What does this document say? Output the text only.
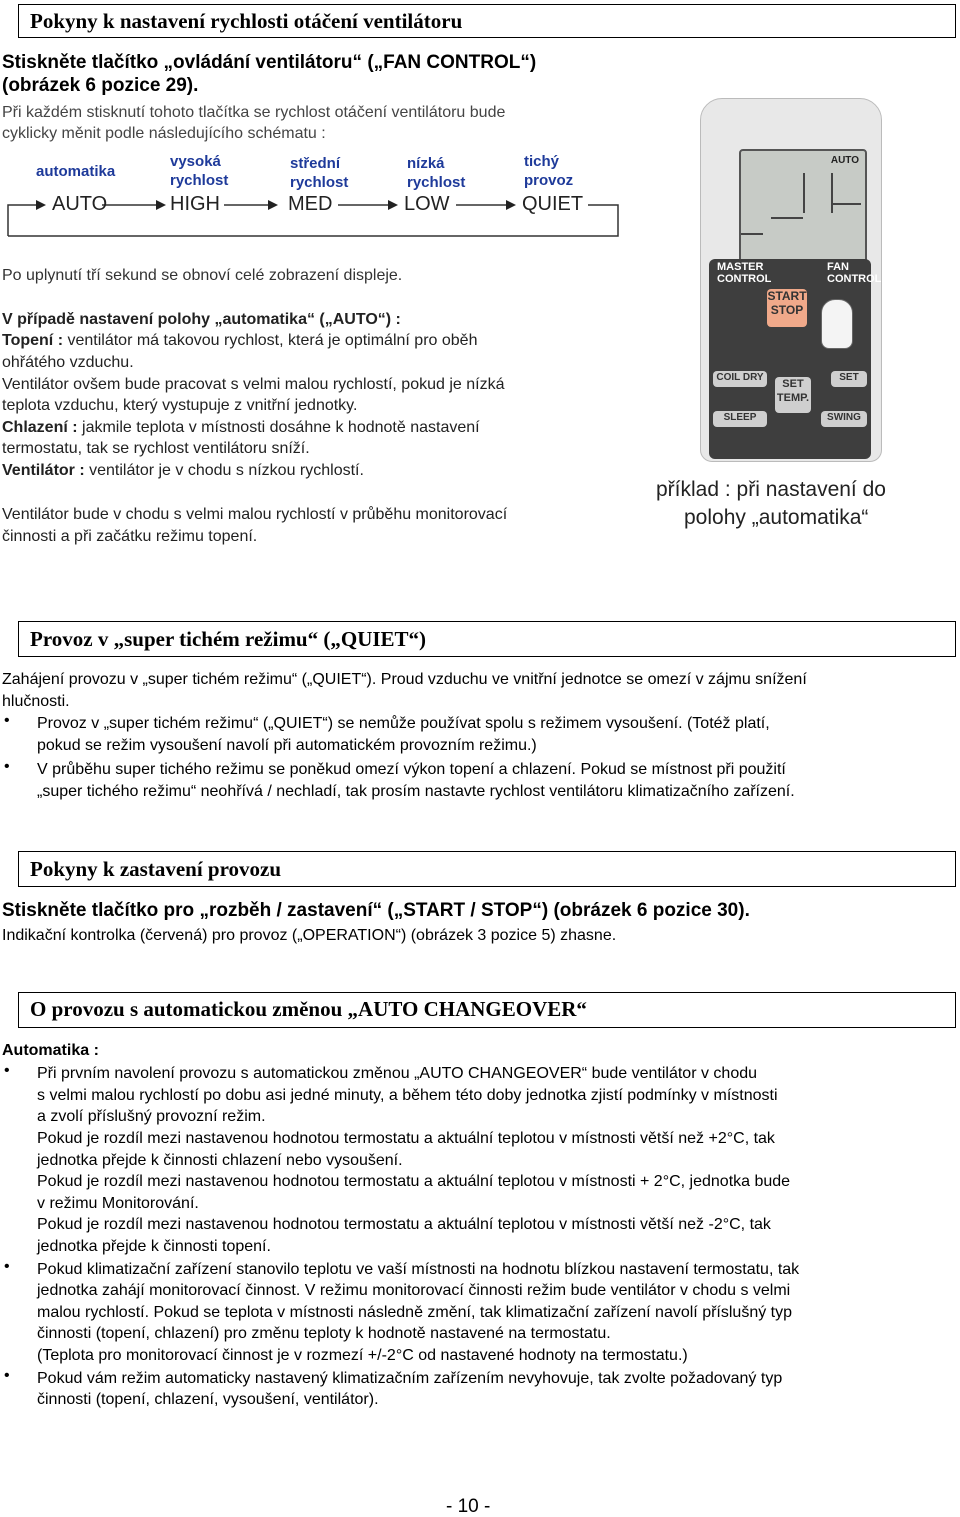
Pokyny k nastavení rychlosti otáčení ventilátoru
Stiskněte tlačítko „ovládání ventilátoru“ („FAN CONTROL“)
(obrázek 6 pozice 29).
Při každém stisknutí tohoto tlačítka se rychlost otáčení ventilátoru bude
cyklicky měnit podle následujícího schématu :
automatika
vysoká
rychlost
střední
rychlost
nízká
rychlost
tichý
provoz
AUTO	HIGH	MED	LOW	QUIET
Po uplynutí tří sekund se obnoví celé zobrazení displeje.
V případě nastavení polohy „automatika“ („AUTO“) :
Topení : ventilátor má takovou rychlost, která je optimální pro oběh
ohřátého vzduchu.
Ventilátor ovšem bude pracovat s velmi malou rychlostí, pokud je nízká
teplota vzduchu, který vystupuje z vnitřní jednotky.
Chlazení : jakmile teplota v místnosti dosáhne k hodnotě nastavení
termostatu, tak se rychlost ventilátoru sníží.
Ventilátor : ventilátor je v chodu s nízkou rychlostí.
Ventilátor bude v chodu s velmi malou rychlostí v průběhu monitorovací
činnosti a při začátku režimu topení.
AUTO
MASTER
CONTROL
FAN
CONTROL
START
STOP
COIL DRY	SET
SET
TEMP.
SLEEP	SWING
příklad : při nastavení do
polohy „automatika“
Provoz v „super tichém režimu“ („QUIET“)
Zahájení provozu v „super tichém režimu“ („QUIET“). Proud vzduchu ve vnitřní jednotce se omezí v zájmu snížení
hlučnosti.
• Provoz v „super tichém režimu“ („QUIET“) se nemůže používat spolu s režimem vysoušení. (Totéž platí,
pokud se režim vysoušení navolí při automatickém provozním režimu.)
• V průběhu super tichého režimu se poněkud omezí výkon topení a chlazení. Pokud se místnost při použití
„super tichého režimu“ neohřívá / nechladí, tak prosím nastavte rychlost ventilátoru klimatizačního zařízení.
Pokyny k zastavení provozu
Stiskněte tlačítko pro „rozběh / zastavení“ („START / STOP“) (obrázek 6 pozice 30).
Indikační kontrolka (červená) pro provoz („OPERATION“) (obrázek 3 pozice 5) zhasne.
O provozu s automatickou změnou „AUTO CHANGEOVER“
Automatika :
• Při prvním navolení provozu s automatickou změnou „AUTO CHANGEOVER“ bude ventilátor v chodu
s velmi malou rychlostí po dobu asi jedné minuty, a během této doby jednotka zjistí podmínky v místnosti
a zvolí příslušný provozní režim.
Pokud je rozdíl mezi nastavenou hodnotou termostatu a aktuální teplotou v místnosti větší než +2°C, tak
jednotka přejde k činnosti chlazení nebo vysoušení.
Pokud je rozdíl mezi nastavenou hodnotou termostatu a aktuální teplotou v místnosti + 2°C, jednotka bude
v režimu Monitorování.
Pokud je rozdíl mezi nastavenou hodnotou termostatu a aktuální teplotou v místnosti větší než -2°C, tak
jednotka přejde k činnosti topení.
• Pokud klimatizační zařízení stanovilo teplotu ve vaší místnosti na hodnotu blízkou nastavení termostatu, tak
jednotka zahájí monitorovací činnost. V režimu monitorovací činnosti režim bude ventilátor v chodu s velmi
malou rychlostí. Pokud se teplota v místnosti následně změní, tak klimatizační zařízení navolí příslušný typ
činnosti (topení, chlazení) pro změnu teploty k hodnotě nastavené na termostatu.
(Teplota pro monitorovací činnost je v rozmezí +/-2°C od nastavené hodnoty na termostatu.)
• Pokud vám režim automaticky nastavený klimatizačním zařízením nevyhovuje, tak zvolte požadovaný typ
činnosti (topení, chlazení, vysoušení, ventilátor).
- 10 -
